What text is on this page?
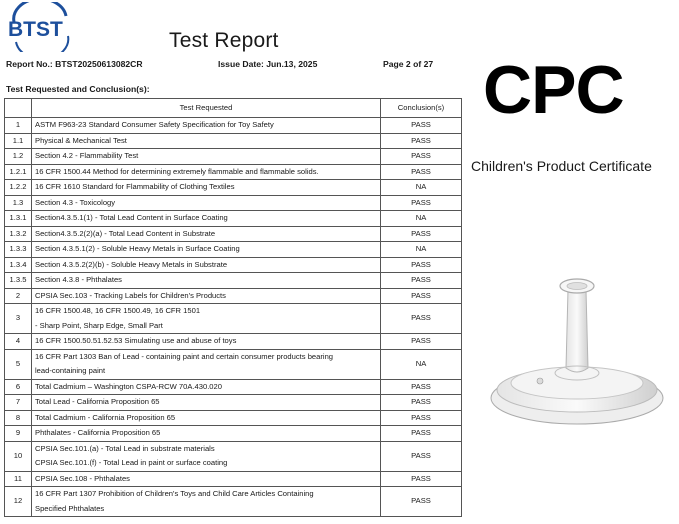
BTST	Test Report
Report No.: BTST20250613082CR	Issue Date: Jun.13, 2025	Page 2 of 27
Test Requested and Conclusion(s):
	Test Requested	Conclusion(s)
1	ASTM F963-23 Standard Consumer Safety Specification for Toy Safety	PASS
1.1	Physical & Mechanical Test	PASS
1.2	Section 4.2 - Flammability Test	PASS
1.2.1	16 CFR 1500.44 Method for determining extremely flammable and flammable solids.	PASS
1.2.2	16 CFR 1610 Standard for Flammability of Clothing Textiles	NA
1.3	Section 4.3 - Toxicology	PASS
1.3.1	Section4.3.5.1(1) - Total Lead Content in Surface Coating	NA
1.3.2	Section4.3.5.2(2)(a) - Total Lead Content in Substrate	PASS
1.3.3	Section 4.3.5.1(2) - Soluble Heavy Metals in Surface Coating	NA
1.3.4	Section 4.3.5.2(2)(b) - Soluble Heavy Metals in Substrate	PASS
1.3.5	Section 4.3.8 - Phthalates	PASS
2	CPSIA Sec.103 - Tracking Labels for Children's Products	PASS
3	16 CFR 1500.48, 16 CFR 1500.49, 16 CFR 1501
- Sharp Point, Sharp Edge, Small Part	PASS
4	16 CFR 1500.50.51.52.53 Simulating use and abuse of toys	PASS
5	16 CFR Part 1303 Ban of Lead - containing paint and certain consumer products bearing
lead-containing paint	NA
6	Total Cadmium – Washington CSPA-RCW 70A.430.020	PASS
7	Total Lead - California Proposition 65	PASS
8	Total Cadmium - California Proposition 65	PASS
9	Phthalates - California Proposition 65	PASS
10	CPSIA Sec.101.(a) - Total Lead in substrate materials
CPSIA Sec.101.(f) - Total Lead in paint or surface coating	PASS
11	CPSIA Sec.108 - Phthalates	PASS
12	16 CFR Part 1307 Prohibition of Children's Toys and Child Care Articles Containing
Specified Phthalates	PASS
CPC
Children's Product Certificate
